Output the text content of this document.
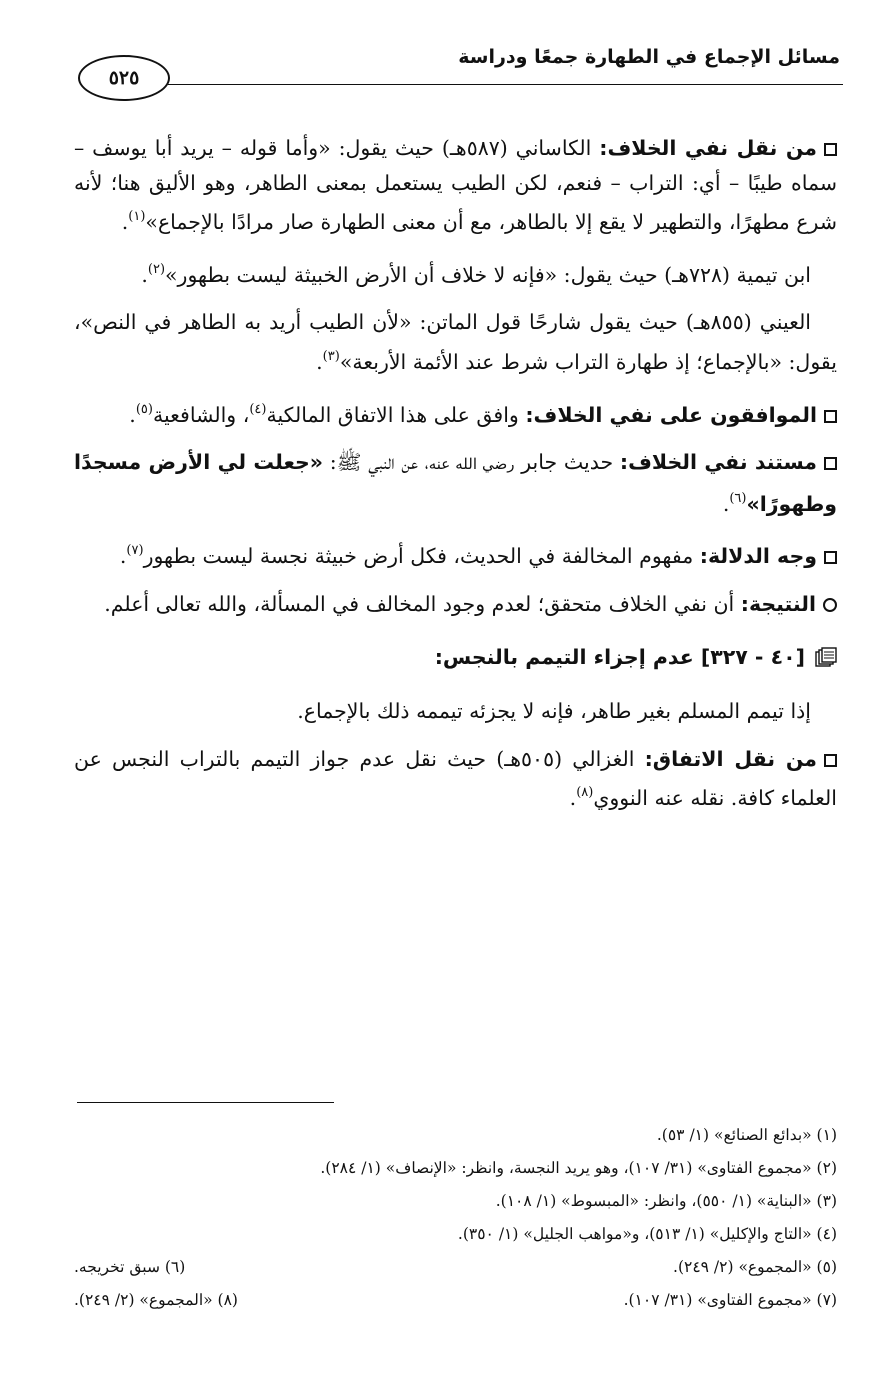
مسائل الإجماع في الطهارة جمعًا ودراسة
٥٢٥

من نقل نفي الخلاف: الكاساني (٥٨٧هـ) حيث يقول: «وأما قوله – يريد أبا يوسف – سماه طيبًا – أي: التراب – فنعم، لكن الطيب يستعمل بمعنى الطاهر، وهو الأليق هنا؛ لأنه شرع مطهرًا، والتطهير لا يقع إلا بالطاهر، مع أن معنى الطهارة صار مرادًا بالإجماع»$^{(١)}$.

ابن تيمية (٧٢٨هـ) حيث يقول: «فإنه لا خلاف أن الأرض الخبيثة ليست بطهور»$^{(٢)}$.

العيني (٨٥٥هـ) حيث يقول شارحًا قول الماتن: «لأن الطيب أريد به الطاهر في النص»، يقول: «بالإجماع؛ إذ طهارة التراب شرط عند الأئمة الأربعة»$^{(٣)}$.

الموافقون على نفي الخلاف: وافق على هذا الاتفاق المالكية$^{(٤)}$، والشافعية$^{(٥)}$.

مستند نفي الخلاف: حديث جابر رضي الله عنه، عن النبي ﷺ: «جعلت لي الأرض مسجدًا وطهورًا»$^{(٦)}$.

وجه الدلالة: مفهوم المخالفة في الحديث، فكل أرض خبيثة نجسة ليست بطهور$^{(٧)}$.

النتيجة: أن نفي الخلاف متحقق؛ لعدم وجود المخالف في المسألة، والله تعالى أعلم.

[٤٠ - ٣٢٧] عدم إجزاء التيمم بالنجس:

إذا تيمم المسلم بغير طاهر، فإنه لا يجزئه تيممه ذلك بالإجماع.

من نقل الاتفاق: الغزالي (٥٠٥هـ) حيث نقل عدم جواز التيمم بالتراب النجس عن العلماء كافة. نقله عنه النووي$^{(٨)}$.

(١) «بدائع الصنائع» (١/ ٥٣).
(٢) «مجموع الفتاوى» (٣١/ ١٠٧)، وهو يريد النجسة، وانظر: «الإنصاف» (١/ ٢٨٤).
(٣) «البناية» (١/ ٥٥٠)، وانظر: «المبسوط» (١/ ١٠٨).
(٤) «التاج والإكليل» (١/ ٥١٣)، و«مواهب الجليل» (١/ ٣٥٠).
(٥) «المجموع» (٢/ ٢٤٩).
(٦) سبق تخريجه.
(٧) «مجموع الفتاوى» (٣١/ ١٠٧).
(٨) «المجموع» (٢/ ٢٤٩).
